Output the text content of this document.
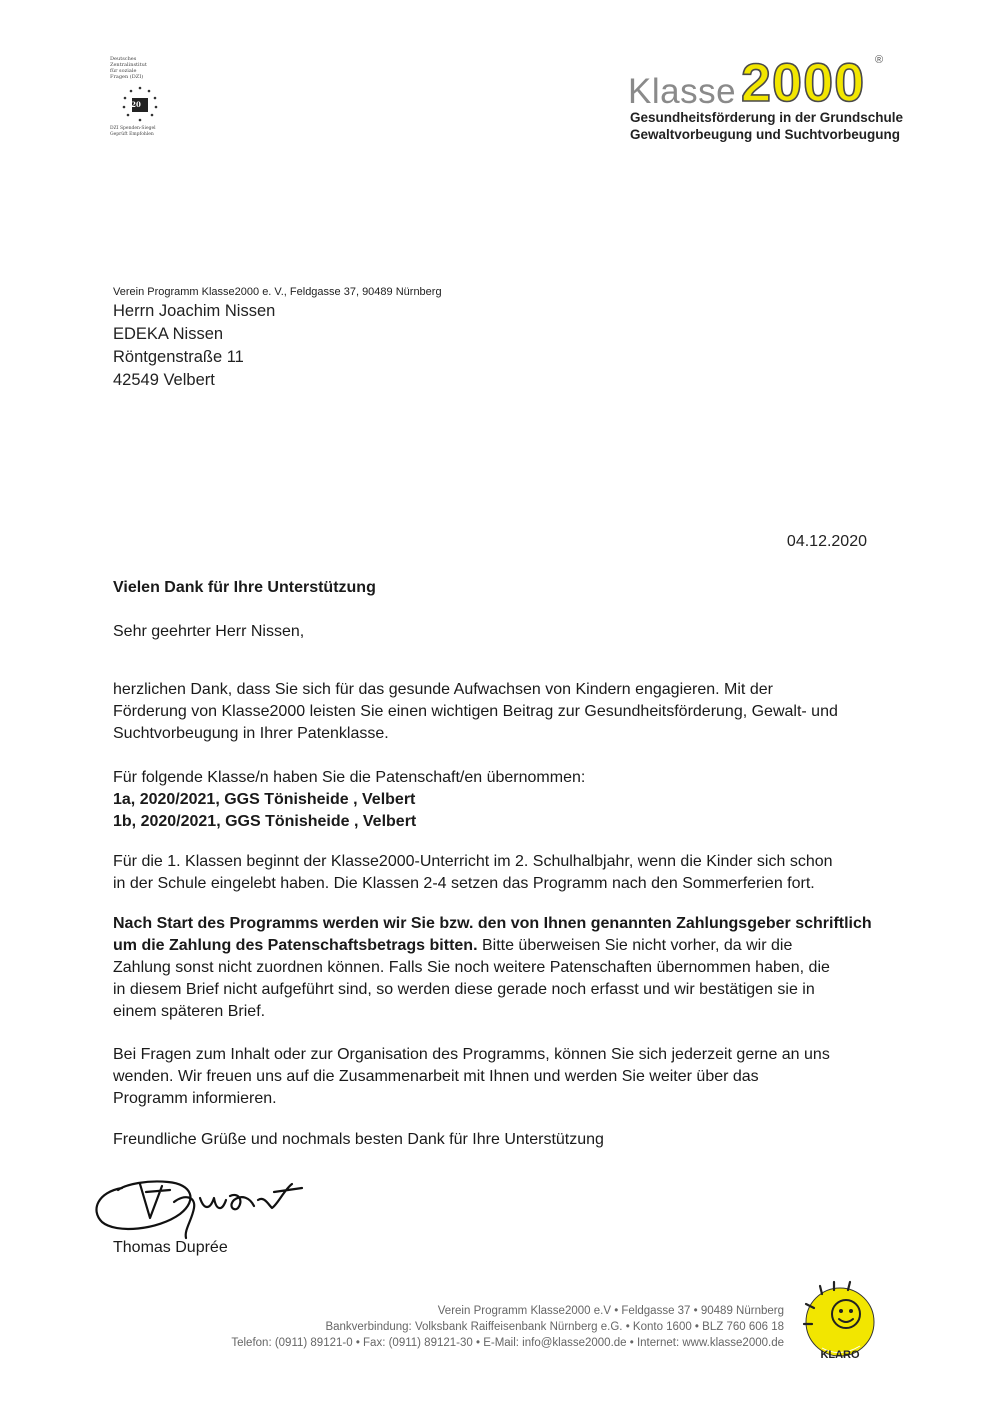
Deutsches
Zentralinstitut
für soziale
Fragen (DZI)
'20
DZI Spenden-Siegel
Geprüft Empfohlen
Klasse 2000 ®
Gesundheitsförderung in der Grundschule
Gewaltvorbeugung und Suchtvorbeugung
Verein Programm Klasse2000 e. V., Feldgasse 37, 90489 Nürnberg
Herrn Joachim Nissen
EDEKA Nissen
Röntgenstraße 11
42549 Velbert
04.12.2020
Vielen Dank für Ihre Unterstützung
Sehr geehrter Herr Nissen,
herzlichen Dank, dass Sie sich für das gesunde Aufwachsen von Kindern engagieren. Mit der
Förderung von Klasse2000 leisten Sie einen wichtigen Beitrag zur Gesundheitsförderung, Gewalt- und
Suchtvorbeugung in Ihrer Patenklasse.
Für folgende Klasse/n haben Sie die Patenschaft/en übernommen:
1a, 2020/2021, GGS Tönisheide , Velbert
1b, 2020/2021, GGS Tönisheide , Velbert
Für die 1. Klassen beginnt der Klasse2000-Unterricht im 2. Schulhalbjahr, wenn die Kinder sich schon
in der Schule eingelebt haben. Die Klassen 2-4 setzen das Programm nach den Sommerferien fort.
Nach Start des Programms werden wir Sie bzw. den von Ihnen genannten Zahlungsgeber schriftlich
um die Zahlung des Patenschaftsbetrags bitten. Bitte überweisen Sie nicht vorher, da wir die
Zahlung sonst nicht zuordnen können. Falls Sie noch weitere Patenschaften übernommen haben, die
in diesem Brief nicht aufgeführt sind, so werden diese gerade noch erfasst und wir bestätigen sie in
einem späteren Brief.
Bei Fragen zum Inhalt oder zur Organisation des Programms, können Sie sich jederzeit gerne an uns
wenden. Wir freuen uns auf die Zusammenarbeit mit Ihnen und werden Sie weiter über das
Programm informieren.
Freundliche Grüße und nochmals besten Dank für Ihre Unterstützung
Thomas Duprée
Verein Programm Klasse2000 e.V • Feldgasse 37 • 90489 Nürnberg
Bankverbindung: Volksbank Raiffeisenbank Nürnberg e.G. • Konto 1600 • BLZ 760 606 18
Telefon: (0911) 89121-0 • Fax: (0911) 89121-30 • E-Mail: info@klasse2000.de • Internet: www.klasse2000.de
KLARO
